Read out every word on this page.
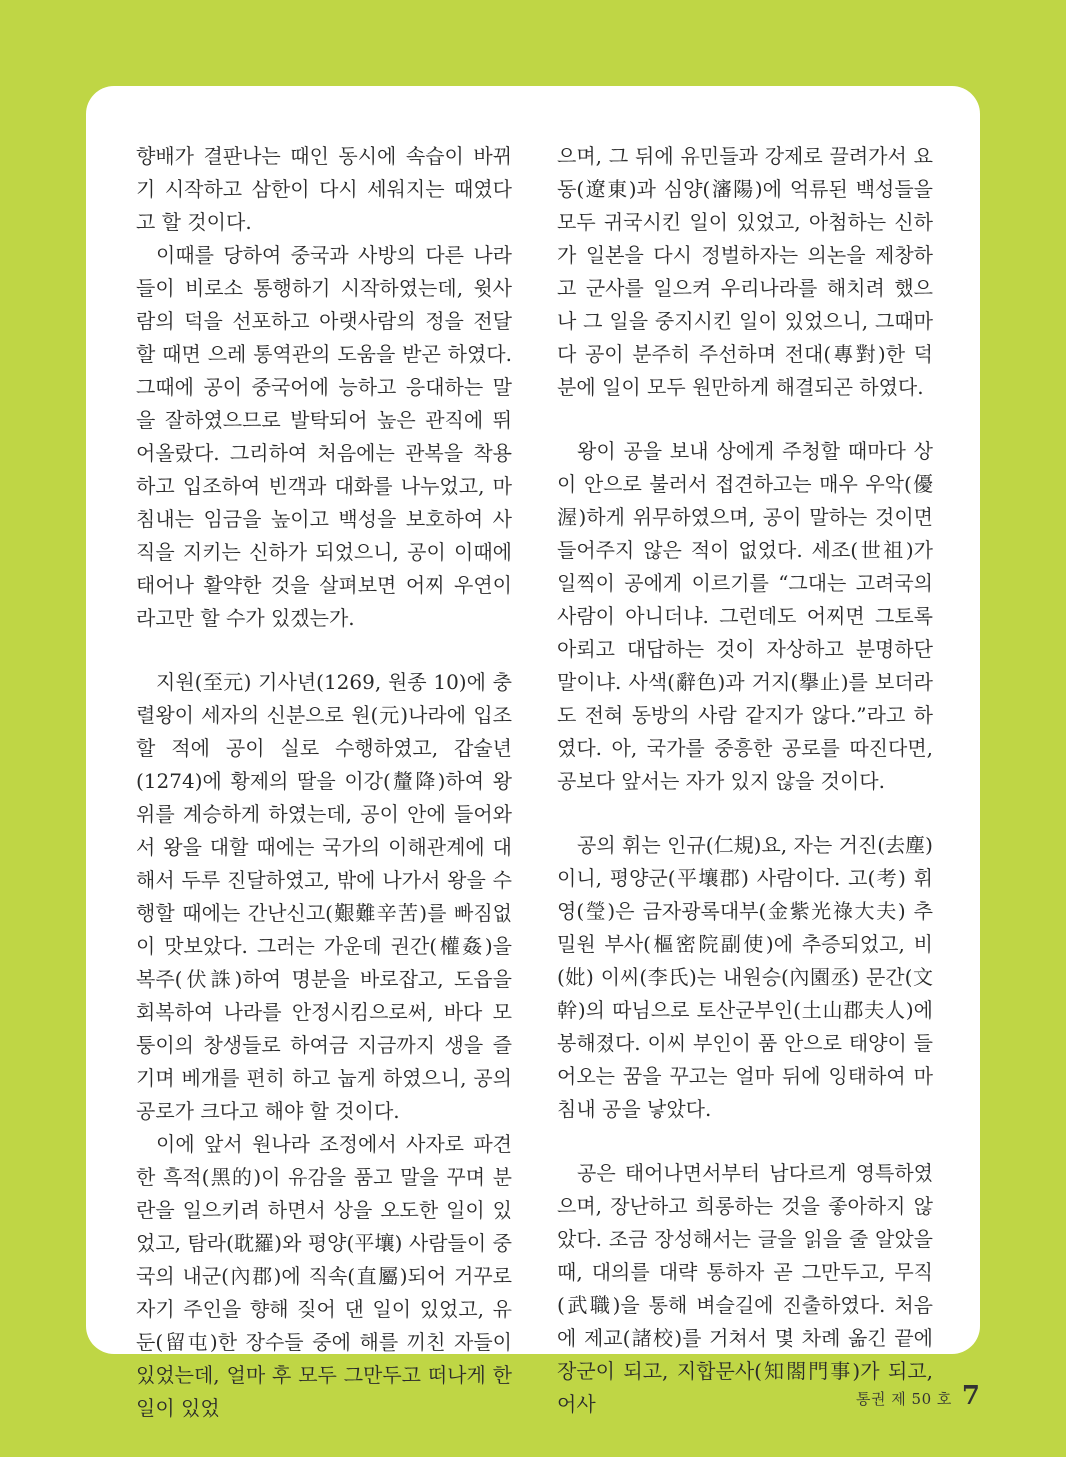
향배가 결판나는 때인 동시에 속습이 바뀌기 시작하고 삼한이 다시 세워지는 때였다고 할 것이다.

이때를 당하여 중국과 사방의 다른 나라들이 비로소 통행하기 시작하였는데, 윗사람의 덕을 선포하고 아랫사람의 정을 전달할 때면 으레 통역관의 도움을 받곤 하였다. 그때에 공이 중국어에 능하고 응대하는 말을 잘하였으므로 발탁되어 높은 관직에 뛰어올랐다. 그리하여 처음에는 관복을 착용하고 입조하여 빈객과 대화를 나누었고, 마침내는 임금을 높이고 백성을 보호하여 사직을 지키는 신하가 되었으니, 공이 이때에 태어나 활약한 것을 살펴보면 어찌 우연이라고만 할 수가 있겠는가.

지원(至元) 기사년(1269, 원종 10)에 충렬왕이 세자의 신분으로 원(元)나라에 입조할 적에 공이 실로 수행하였고, 갑술년(1274)에 황제의 딸을 이강(釐降)하여 왕위를 계승하게 하였는데, 공이 안에 들어와서 왕을 대할 때에는 국가의 이해관계에 대해서 두루 진달하였고, 밖에 나가서 왕을 수행할 때에는 간난신고(艱難辛苦)를 빠짐없이 맛보았다. 그러는 가운데 권간(權姦)을 복주(伏誅)하여 명분을 바로잡고, 도읍을 회복하여 나라를 안정시킴으로써, 바다 모퉁이의 창생들로 하여금 지금까지 생을 즐기며 베개를 편히 하고 눕게 하였으니, 공의 공로가 크다고 해야 할 것이다.

이에 앞서 원나라 조정에서 사자로 파견한 흑적(黑的)이 유감을 품고 말을 꾸며 분란을 일으키려 하면서 상을 오도한 일이 있었고, 탐라(耽羅)와 평양(平壤) 사람들이 중국의 내군(內郡)에 직속(直屬)되어 거꾸로 자기 주인을 향해 짖어 댄 일이 있었고, 유둔(留屯)한 장수들 중에 해를 끼친 자들이 있었는데, 얼마 후 모두 그만두고 떠나게 한 일이 있었

으며, 그 뒤에 유민들과 강제로 끌려가서 요동(遼東)과 심양(瀋陽)에 억류된 백성들을 모두 귀국시킨 일이 있었고, 아첨하는 신하가 일본을 다시 정벌하자는 의논을 제창하고 군사를 일으켜 우리나라를 해치려 했으나 그 일을 중지시킨 일이 있었으니, 그때마다 공이 분주히 주선하며 전대(專對)한 덕분에 일이 모두 원만하게 해결되곤 하였다.

왕이 공을 보내 상에게 주청할 때마다 상이 안으로 불러서 접견하고는 매우 우악(優渥)하게 위무하였으며, 공이 말하는 것이면 들어주지 않은 적이 없었다. 세조(世祖)가 일찍이 공에게 이르기를 “그대는 고려국의 사람이 아니더냐. 그런데도 어찌면 그토록 아뢰고 대답하는 것이 자상하고 분명하단 말이냐. 사색(辭色)과 거지(擧止)를 보더라도 전혀 동방의 사람 같지가 않다.”라고 하였다. 아, 국가를 중흥한 공로를 따진다면, 공보다 앞서는 자가 있지 않을 것이다.

공의 휘는 인규(仁規)요, 자는 거진(去塵)이니, 평양군(平壤郡) 사람이다. 고(考) 휘 영(瑩)은 금자광록대부(金紫光祿大夫) 추밀원 부사(樞密院副使)에 추증되었고, 비(妣) 이씨(李氏)는 내원승(內園丞) 문간(文幹)의 따님으로 토산군부인(土山郡夫人)에 봉해졌다. 이씨 부인이 품 안으로 태양이 들어오는 꿈을 꾸고는 얼마 뒤에 잉태하여 마침내 공을 낳았다.

공은 태어나면서부터 남다르게 영특하였으며, 장난하고 희롱하는 것을 좋아하지 않았다. 조금 장성해서는 글을 읽을 줄 알았을 때, 대의를 대략 통하자 곧 그만두고, 무직(武職)을 통해 벼슬길에 진출하였다. 처음에 제교(諸校)를 거쳐서 몇 차례 옮긴 끝에 장군이 되고, 지합문사(知閤門事)가 되고, 어사	통권 제 50 호 7
